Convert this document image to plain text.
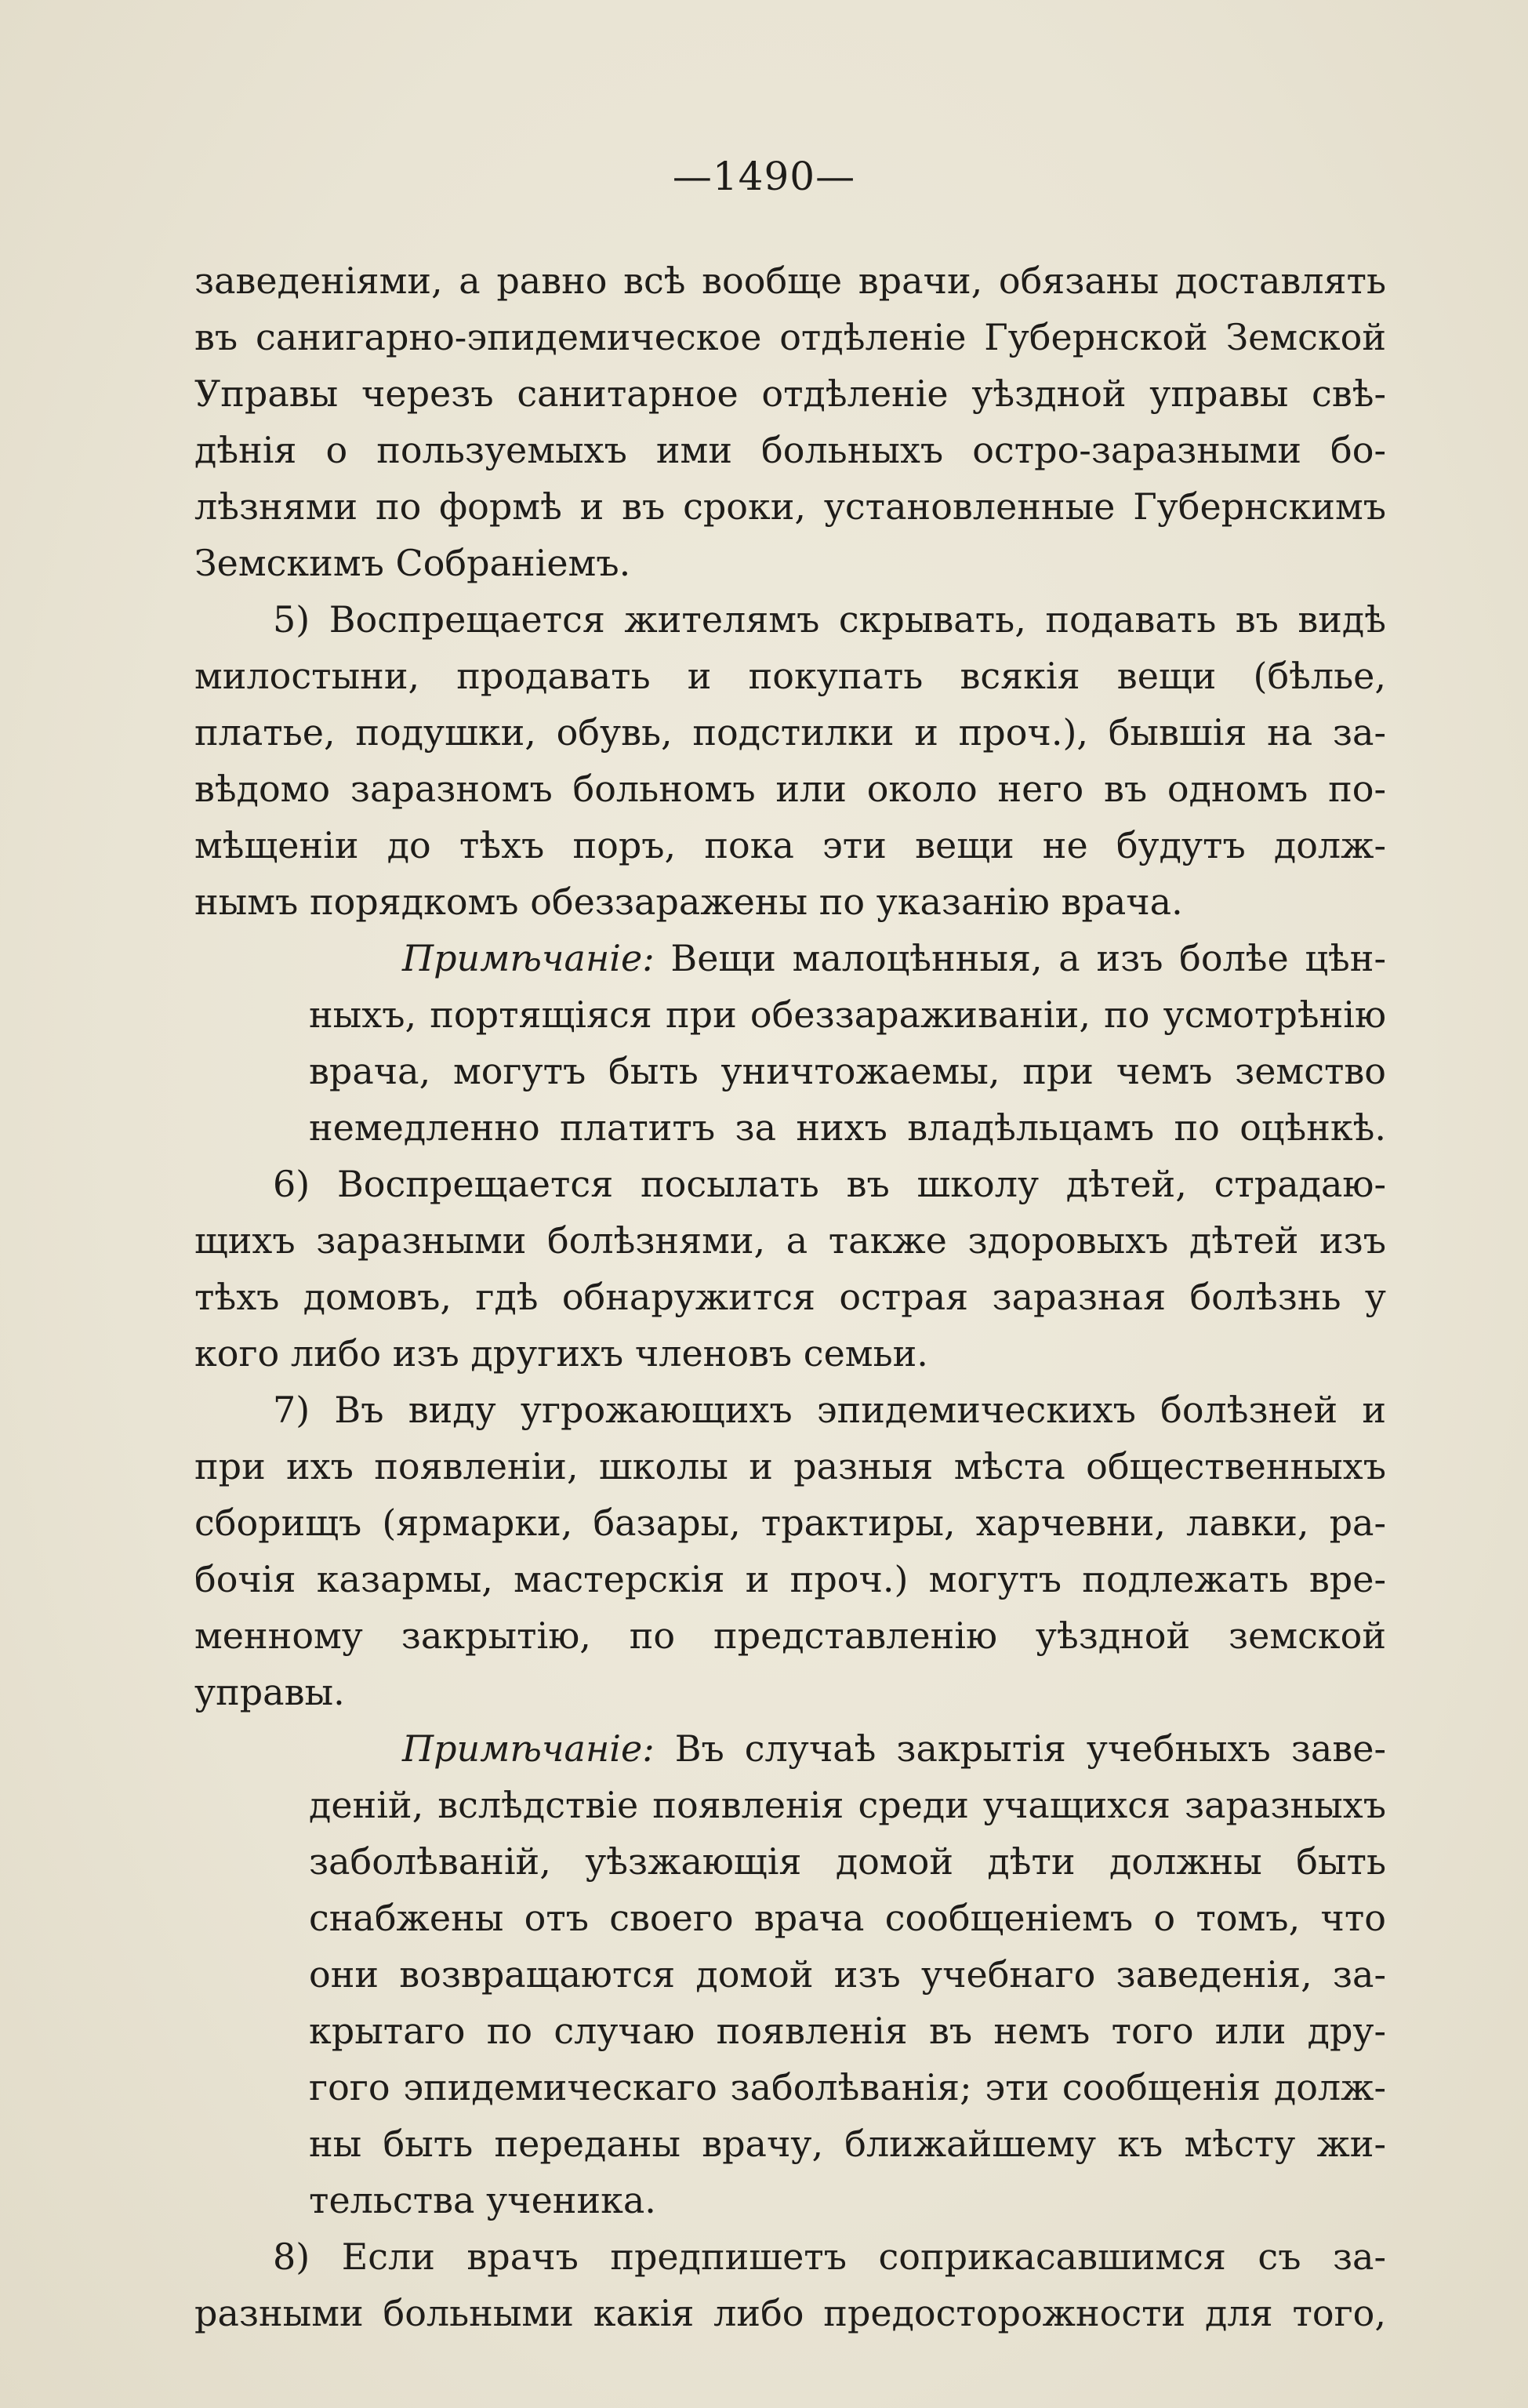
—1490—
заведеніями, а равно всѣ вообще врачи, обязаны доставлять
въ санигарно-эпидемическое отдѣленіе Губернской Земской
Управы черезъ санитарное отдѣленіе уѣздной управы свѣ-
дѣнія о пользуемыхъ ими больныхъ остро-заразными бо-
лѣзнями по формѣ и въ сроки, установленные Губернскимъ
Земскимъ Собраніемъ.
5) Воспрещается жителямъ скрывать, подавать въ видѣ
милостыни, продавать и покупать всякія вещи (бѣлье,
платье, подушки, обувь, подстилки и проч.), бывшія на за-
вѣдомо заразномъ больномъ или около него въ одномъ по-
мѣщеніи до тѣхъ поръ, пока эти вещи не будутъ долж-
нымъ порядкомъ обеззаражены по указанію врача.
Примѣчаніе: Вещи малоцѣнныя, а изъ болѣе цѣн-
ныхъ, портящіяся при обеззараживаніи, по усмотрѣнію
врача, могутъ быть уничтожаемы, при чемъ земство
немедленно платитъ за нихъ владѣльцамъ по оцѣнкѣ.
6) Воспрещается посылать въ школу дѣтей, страдаю-
щихъ заразными болѣзнями, а также здоровыхъ дѣтей изъ
тѣхъ домовъ, гдѣ обнаружится острая заразная болѣзнь у
кого либо изъ другихъ членовъ семьи.
7) Въ виду угрожающихъ эпидемическихъ болѣзней и
при ихъ появленіи, школы и разныя мѣста общественныхъ
сборищъ (ярмарки, базары, трактиры, харчевни, лавки, ра-
бочія казармы, мастерскія и проч.) могутъ подлежать вре-
менному закрытію, по представленію уѣздной земской
управы.
Примѣчаніе: Въ случаѣ закрытія учебныхъ заве-
деній, вслѣдствіе появленія среди учащихся заразныхъ
заболѣваній, уѣзжающія домой дѣти должны быть
снабжены отъ своего врача сообщеніемъ о томъ, что
они возвращаются домой изъ учебнаго заведенія, за-
крытаго по случаю появленія въ немъ того или дру-
гого эпидемическаго заболѣванія; эти сообщенія долж-
ны быть переданы врачу, ближайшему къ мѣсту жи-
тельства ученика.
8) Если врачъ предпишетъ соприкасавшимся съ за-
разными больными какія либо предосторожности для того,
